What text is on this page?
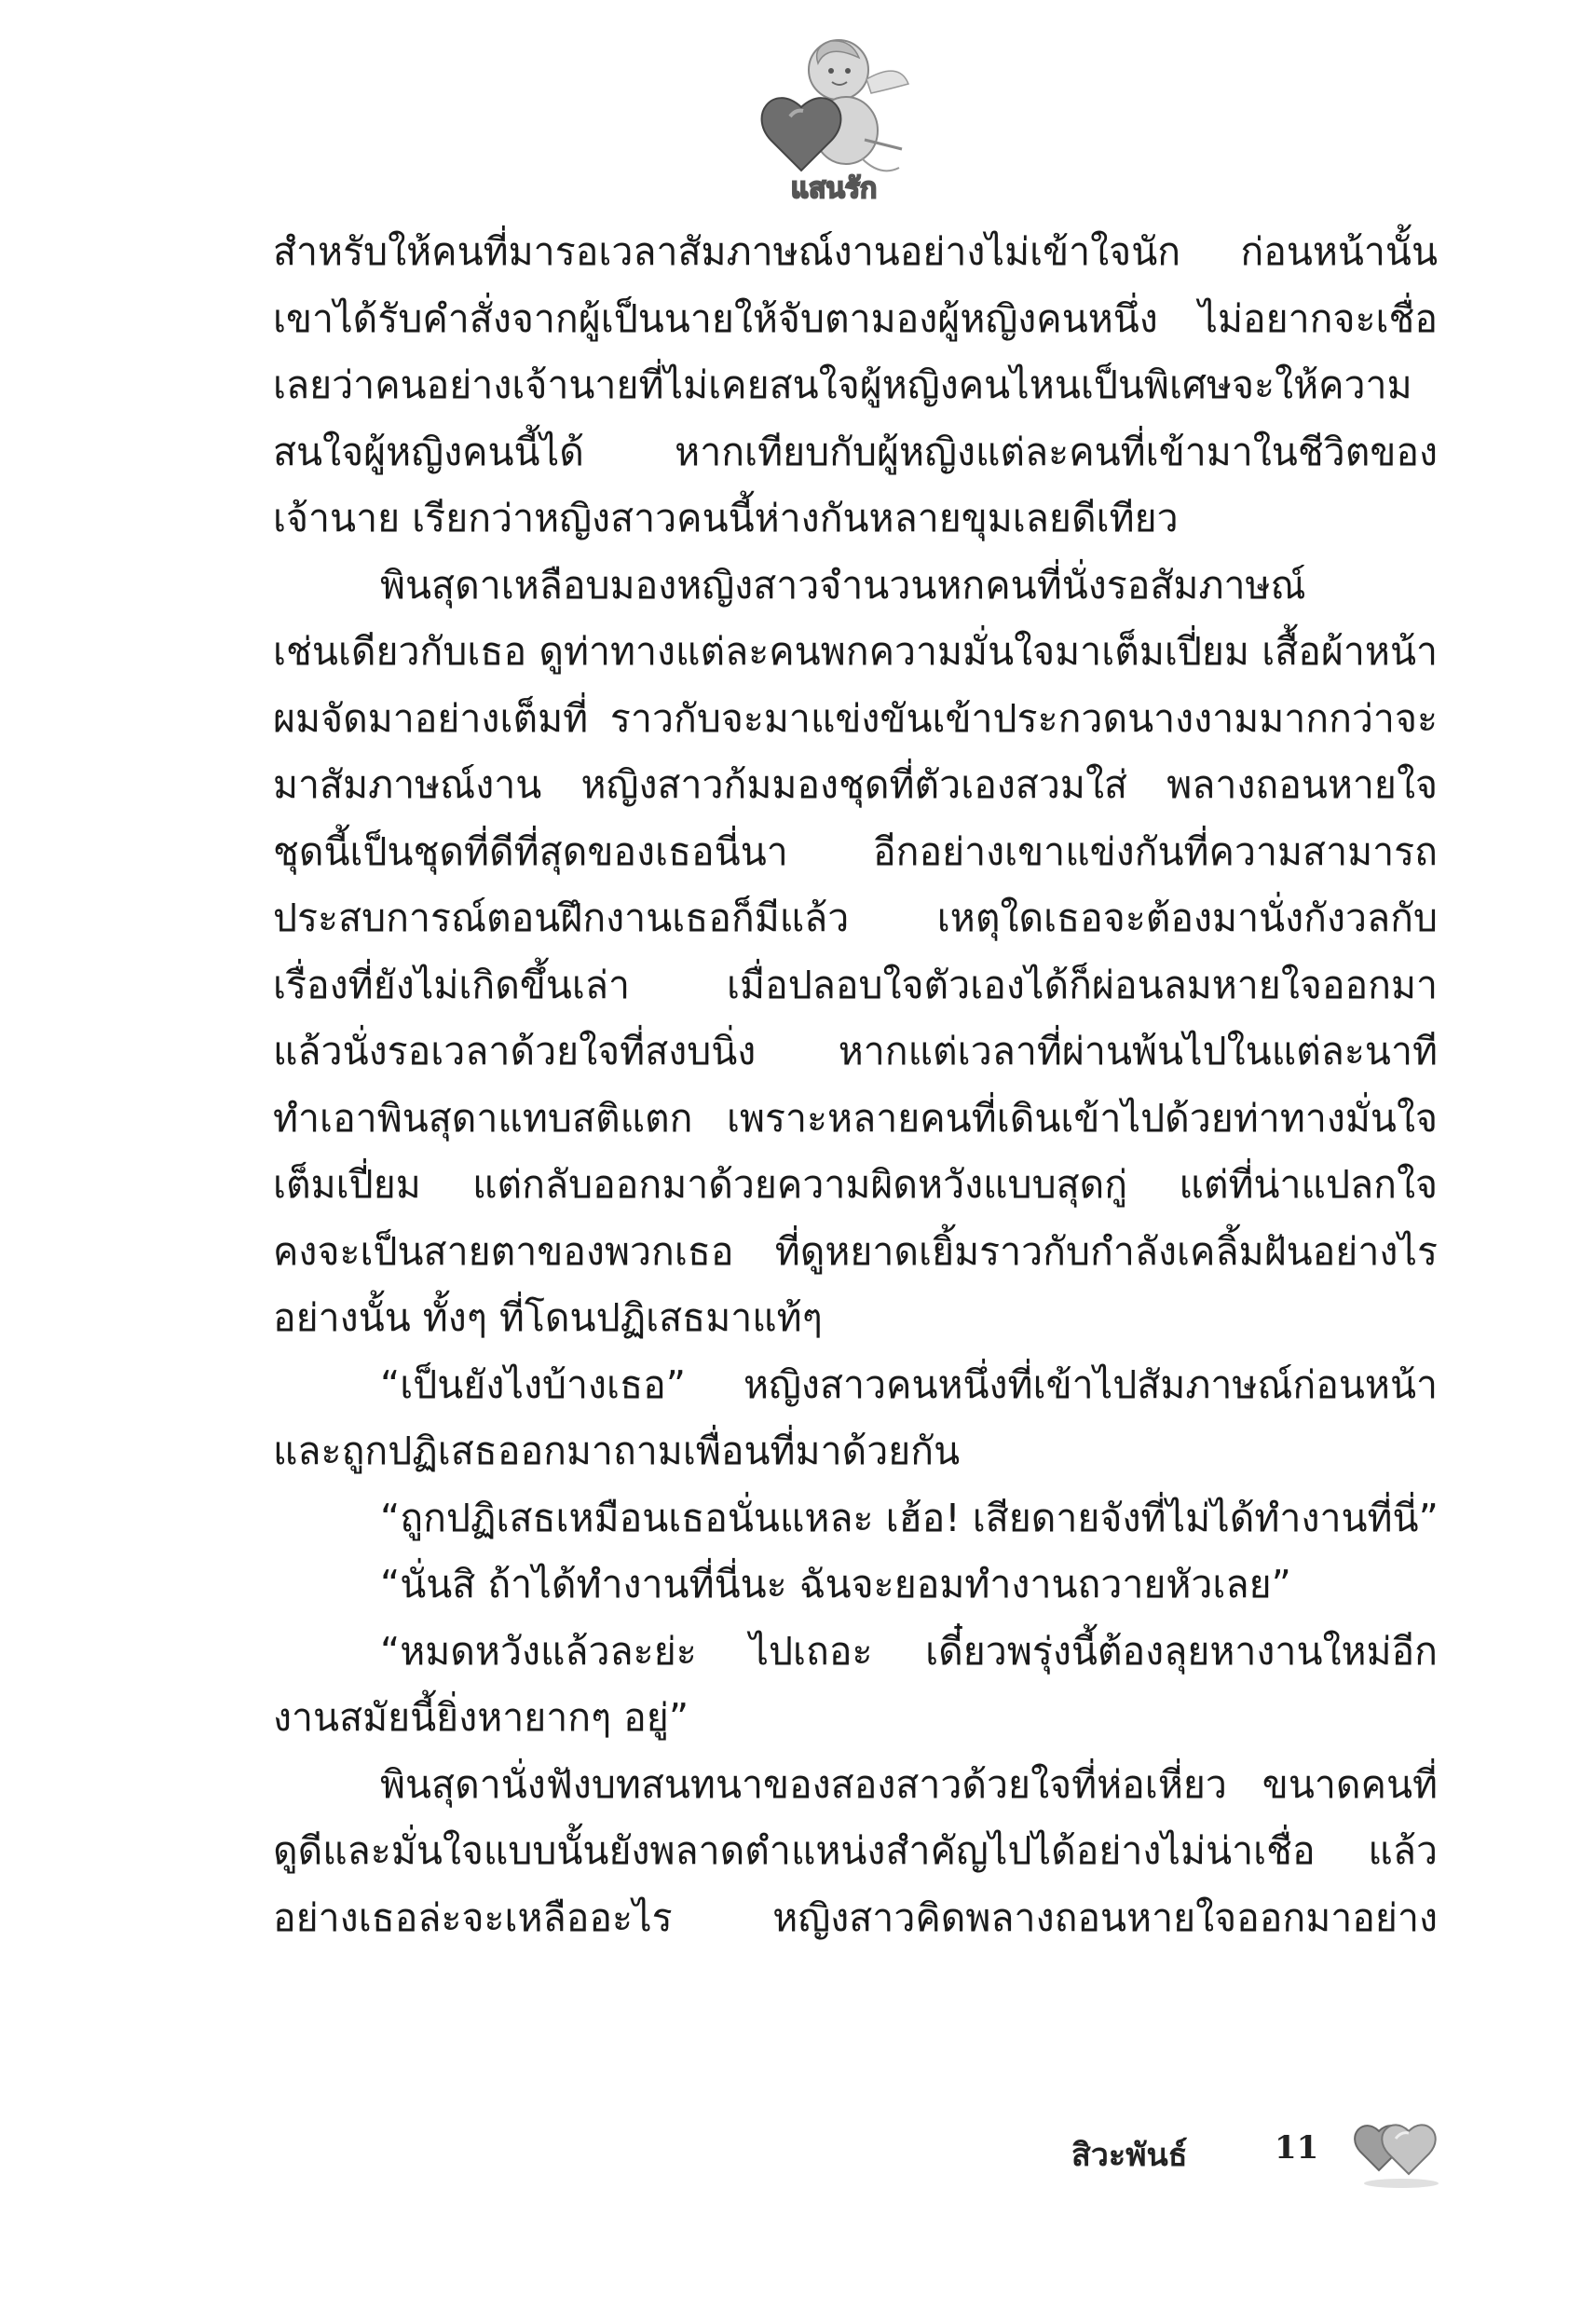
แสนรัก
สำหรับให้คนที่มารอเวลาสัมภาษณ์งานอย่างไม่เข้าใจนัก ก่อนหน้านั้น
เขาได้รับคำสั่งจากผู้เป็นนายให้จับตามองผู้หญิงคนหนึ่ง ไม่อยากจะเชื่อ
เลยว่าคนอย่างเจ้านายที่ไม่เคยสนใจผู้หญิงคนไหนเป็นพิเศษจะให้ความ
สนใจผู้หญิงคนนี้ได้ หากเทียบกับผู้หญิงแต่ละคนที่เข้ามาในชีวิตของ
เจ้านาย เรียกว่าหญิงสาวคนนี้ห่างกันหลายขุมเลยดีเทียว
พินสุดาเหลือบมองหญิงสาวจำนวนหกคนที่นั่งรอสัมภาษณ์
เช่นเดียวกับเธอ ดูท่าทางแต่ละคนพกความมั่นใจมาเต็มเปี่ยม เสื้อผ้าหน้า
ผมจัดมาอย่างเต็มที่ ราวกับจะมาแข่งขันเข้าประกวดนางงามมากกว่าจะ
มาสัมภาษณ์งาน หญิงสาวก้มมองชุดที่ตัวเองสวมใส่ พลางถอนหายใจ
ชุดนี้เป็นชุดที่ดีที่สุดของเธอนี่นา อีกอย่างเขาแข่งกันที่ความสามารถ
ประสบการณ์ตอนฝึกงานเธอก็มีแล้ว เหตุใดเธอจะต้องมานั่งกังวลกับ
เรื่องที่ยังไม่เกิดขึ้นเล่า เมื่อปลอบใจตัวเองได้ก็ผ่อนลมหายใจออกมา
แล้วนั่งรอเวลาด้วยใจที่สงบนิ่ง หากแต่เวลาที่ผ่านพ้นไปในแต่ละนาที
ทำเอาพินสุดาแทบสติแตก เพราะหลายคนที่เดินเข้าไปด้วยท่าทางมั่นใจ
เต็มเปี่ยม แต่กลับออกมาด้วยความผิดหวังแบบสุดกู่ แต่ที่น่าแปลกใจ
คงจะเป็นสายตาของพวกเธอ ที่ดูหยาดเยิ้มราวกับกำลังเคลิ้มฝันอย่างไร
อย่างนั้น ทั้งๆ ที่โดนปฏิเสธมาแท้ๆ
“เป็นยังไงบ้างเธอ” หญิงสาวคนหนึ่งที่เข้าไปสัมภาษณ์ก่อนหน้า
และถูกปฏิเสธออกมาถามเพื่อนที่มาด้วยกัน
“ถูกปฏิเสธเหมือนเธอนั่นแหละ เฮ้อ! เสียดายจังที่ไม่ได้ทำงานที่นี่”
“นั่นสิ ถ้าได้ทำงานที่นี่นะ ฉันจะยอมทำงานถวายหัวเลย”
“หมดหวังแล้วละย่ะ ไปเถอะ เดี๋ยวพรุ่งนี้ต้องลุยหางานใหม่อีก
งานสมัยนี้ยิ่งหายากๆ อยู่”
พินสุดานั่งฟังบทสนทนาของสองสาวด้วยใจที่ห่อเหี่ยว ขนาดคนที่
ดูดีและมั่นใจแบบนั้นยังพลาดตำแหน่งสำคัญไปได้อย่างไม่น่าเชื่อ แล้ว
อย่างเธอล่ะจะเหลืออะไร หญิงสาวคิดพลางถอนหายใจออกมาอย่าง
สิวะพันธ์	11
